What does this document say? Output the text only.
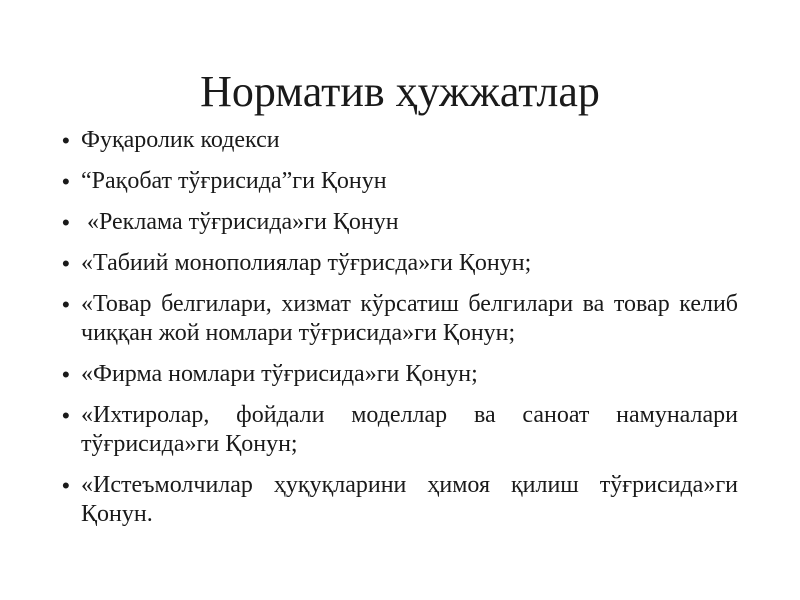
Норматив ҳужжатлар
• Фуқаролик кодекси
• “Рақобат тўғрисида”ги Қонун
• «Реклама тўғрисида»ги Қонун
• «Табиий монополиялар тўғрисда»ги Қонун;
• «Товар белгилари, хизмат кўрсатиш белгилари ва товар келиб чиққан жой номлари тўғрисида»ги Қонун;
• «Фирма номлари тўғрисида»ги Қонун;
• «Ихтиролар, фойдали моделлар ва саноат намуналари тўғрисида»ги Қонун;
• «Истеъмолчилар ҳуқуқларини ҳимоя қилиш тўғрисида»ги Қонун.
